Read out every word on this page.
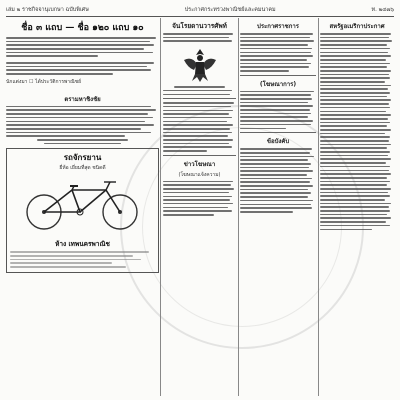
เล่ม ๒ ราชกิจจานุเบกษา ฉบับพิเศษ	ประกาศกระทรวงพาณิชย์และคมนาคม	ท. ๒๔๗๖
ชื่อ ๓ แถบ — ชื่อ ๑๒๐ แถบ ๑๐
นักแต่งมา ☐ ได้ประวัติการพาณิชย์
ตรามหาชิงชัย
รถจักรยาน
ยี่ห้อ เยี่ยมที่สุด ชนิดดี
ห้าง เทพนครพาณิช
จันโรยดานวารศัพท์
ข่าวโฆษณา
(โฆษณาแจ้งความ)
ประกาศราชการ
(โฆษณาการ)
ข้อบังคับ
สหรัฐอเมริกาประกาศ
